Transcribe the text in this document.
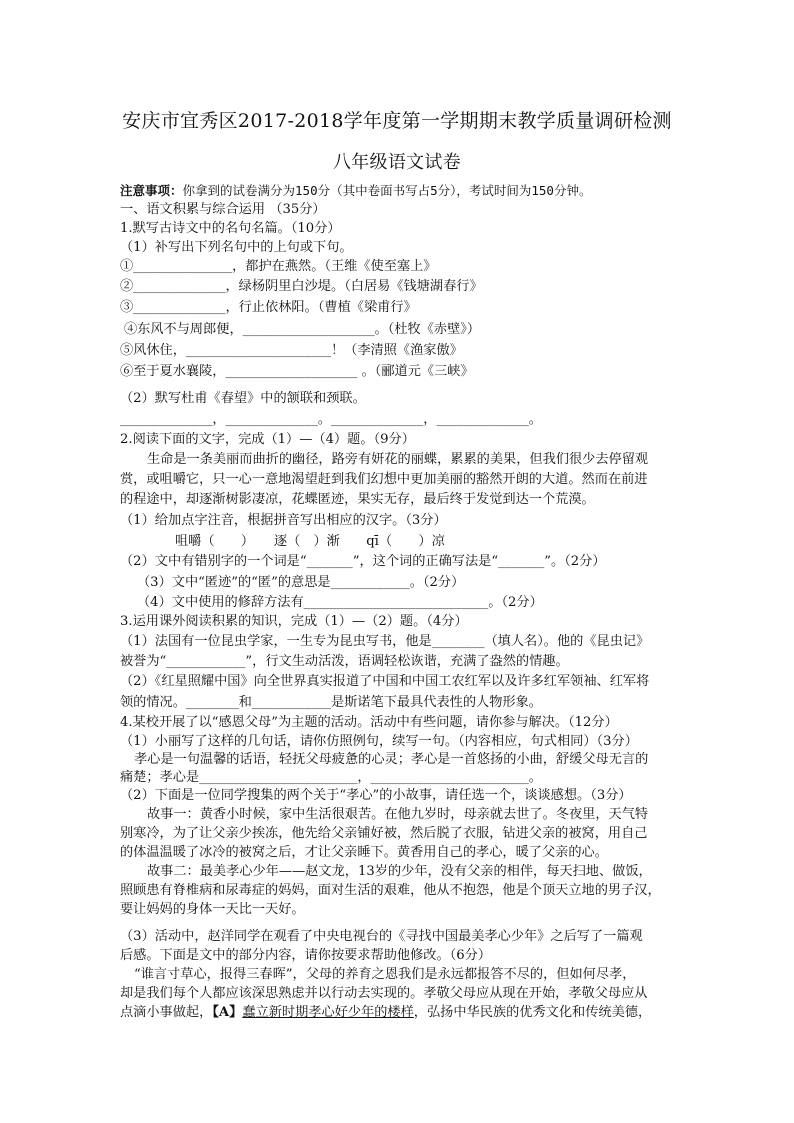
安庆市宜秀区2017-2018学年度第一学期期末教学质量调研检测
八年级语文试卷
注意事项：你拿到的试卷满分为150分（其中卷面书写占5分），考试时间为150分钟。
一、语文积累与综合运用 （35分）
1.默写古诗文中的名句名篇。（10分）
（1）补写出下列名句中的上句或下句。
①_______________，都护在燕然。（王维《使至塞上》
②______________，绿杨阴里白沙堤。（白居易《钱塘湖春行》
③______________，行止依林阳。（曹植《梁甫行》
④东风不与周郎便，____________________。（杜牧《赤壁》）
⑤风休住，______________________！（李清照《渔家傲》
⑥至于夏水襄陵，____________________ 。（郦道元《三峡》
（2）默写杜甫《春望》中的颔联和颈联。
______________，______________。______________，______________。
2.阅读下面的文字，完成（1）—（4）题。（9分）
生命是一条美丽而曲折的幽径，路旁有妍花的丽蝶，累累的美果，但我们很少去停留观
赏，或咀嚼它，只一心一意地渴望赶到我们幻想中更加美丽的豁然开朗的大道。然而在前进
的程途中，却逐渐树影凄凉，花蝶匿迹，果实无存，最后终于发觉到达一个荒漠。
（1）给加点字注音，根据拼音写出相应的汉字。（3分）
咀嚼（　　）　　逐（　）渐　　qī（　　）凉
（2）文中有错别字的一个词是“_______”，这个词的正确写法是“_______”。（2分）
（3）文中“匿迹”的“匿”的意思是____________。（2分）
（4）文中使用的修辞方法有____________________________。（2分）
3.运用课外阅读积累的知识，完成（1）—（2）题。（4分）
（1）法国有一位昆虫学家，一生专为昆虫写书，他是________（填人名）。他的《昆虫记》
被誉为“____________”，行文生动活泼，语调轻松诙谐，充满了盎然的情趣。
（2）《红星照耀中国》向全世界真实报道了中国和中国工农红军以及许多红军领袖、红军将
领的情况。________和____________是斯诺笔下最具代表性的人物形象。
4.某校开展了以“感恩父母”为主题的活动。活动中有些问题，请你参与解决。（12分）
（1）小丽写了这样的几句话，请你仿照例句，续写一句。（内容相应，句式相同）（3分）
孝心是一句温馨的话语，轻抚父母疲惫的心灵；孝心是一首悠扬的小曲，舒缓父母无言的
痛楚；孝心是________________________，________________________。
（2）下面是一位同学搜集的两个关于“孝心”的小故事，请任选一个，谈谈感想。（3分）
故事一：黄香小时候，家中生活很艰苦。在他九岁时，母亲就去世了。冬夜里，天气特
别寒冷，为了让父亲少挨冻，他先给父亲铺好被，然后脱了衣服，钻进父亲的被窝，用自己
的体温温暖了冰冷的被窝之后，才让父亲睡下。黄香用自己的孝心，暖了父亲的心。
故事二：最美孝心少年——赵文龙，13岁的少年，没有父亲的相伴，每天扫地、做饭，
照顾患有脊椎病和尿毒症的妈妈，面对生活的艰难，他从不抱怨，他是个顶天立地的男子汉，
要让妈妈的身体一天比一天好。
（3）活动中，赵洋同学在观看了中央电视台的《寻找中国最美孝心少年》之后写了一篇观
后感。下面是文中的部分内容，请你按要求帮助他修改。（6分）
“谁言寸草心，报得三春晖”，父母的养育之恩我们是永远都报答不尽的，但如何尽孝，
却是我们每个人都应该深思熟虑并以行动去实现的。孝敬父母应从现在开始，孝敬父母应从
点滴小事做起，【A】蠢立新时期孝心好少年的楼样，弘扬中华民族的优秀文化和传统美德，
